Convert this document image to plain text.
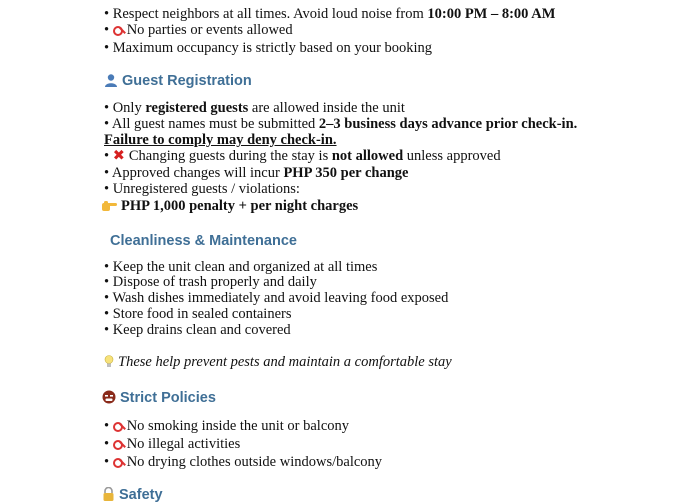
• Respect neighbors at all times. Avoid loud noise from 10:00 PM – 8:00 AM
• No parties or events allowed
• Maximum occupancy is strictly based on your booking
Guest Registration
• Only registered guests are allowed inside the unit
• All guest names must be submitted 2–3 business days advance prior check-in.
Failure to comply may deny check-in.
• ✖ Changing guests during the stay is not allowed unless approved
• Approved changes will incur PHP 350 per change
• Unregistered guests / violations:
PHP 1,000 penalty + per night charges
Cleanliness & Maintenance
• Keep the unit clean and organized at all times
• Dispose of trash properly and daily
• Wash dishes immediately and avoid leaving food exposed
• Store food in sealed containers
• Keep drains clean and covered
These help prevent pests and maintain a comfortable stay
Strict Policies
• No smoking inside the unit or balcony
• No illegal activities
• No drying clothes outside windows/balcony
Safety
